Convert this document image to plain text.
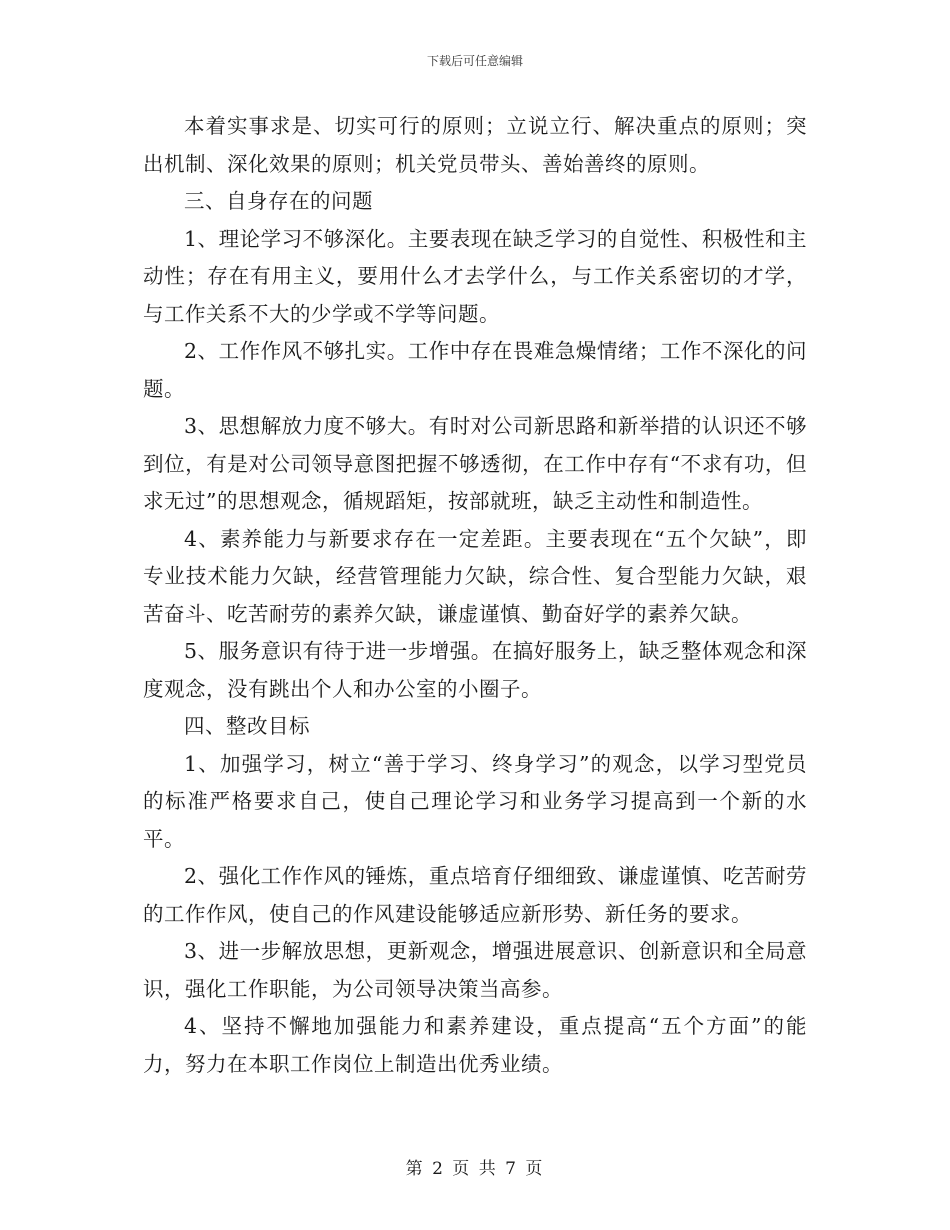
下载后可任意编辑

本着实事求是、切实可行的原则；立说立行、解决重点的原则；突出机制、深化效果的原则；机关党员带头、善始善终的原则。

三、自身存在的问题

1、理论学习不够深化。主要表现在缺乏学习的自觉性、积极性和主动性；存在有用主义，要用什么才去学什么，与工作关系密切的才学，与工作关系不大的少学或不学等问题。

2、工作作风不够扎实。工作中存在畏难急燥情绪；工作不深化的问题。

3、思想解放力度不够大。有时对公司新思路和新举措的认识还不够到位，有是对公司领导意图把握不够透彻，在工作中存有“不求有功，但求无过”的思想观念，循规蹈矩，按部就班，缺乏主动性和制造性。

4、素养能力与新要求存在一定差距。主要表现在“五个欠缺”，即专业技术能力欠缺，经营管理能力欠缺，综合性、复合型能力欠缺，艰苦奋斗、吃苦耐劳的素养欠缺，谦虚谨慎、勤奋好学的素养欠缺。

5、服务意识有待于进一步增强。在搞好服务上，缺乏整体观念和深度观念，没有跳出个人和办公室的小圈子。

四、整改目标

1、加强学习，树立“善于学习、终身学习”的观念，以学习型党员的标准严格要求自己，使自己理论学习和业务学习提高到一个新的水平。

2、强化工作作风的锤炼，重点培育仔细细致、谦虚谨慎、吃苦耐劳的工作作风，使自己的作风建设能够适应新形势、新任务的要求。

3、进一步解放思想，更新观念，增强进展意识、创新意识和全局意识，强化工作职能，为公司领导决策当高参。

4、坚持不懈地加强能力和素养建设，重点提高“五个方面”的能力，努力在本职工作岗位上制造出优秀业绩。

第 2 页 共 7 页
